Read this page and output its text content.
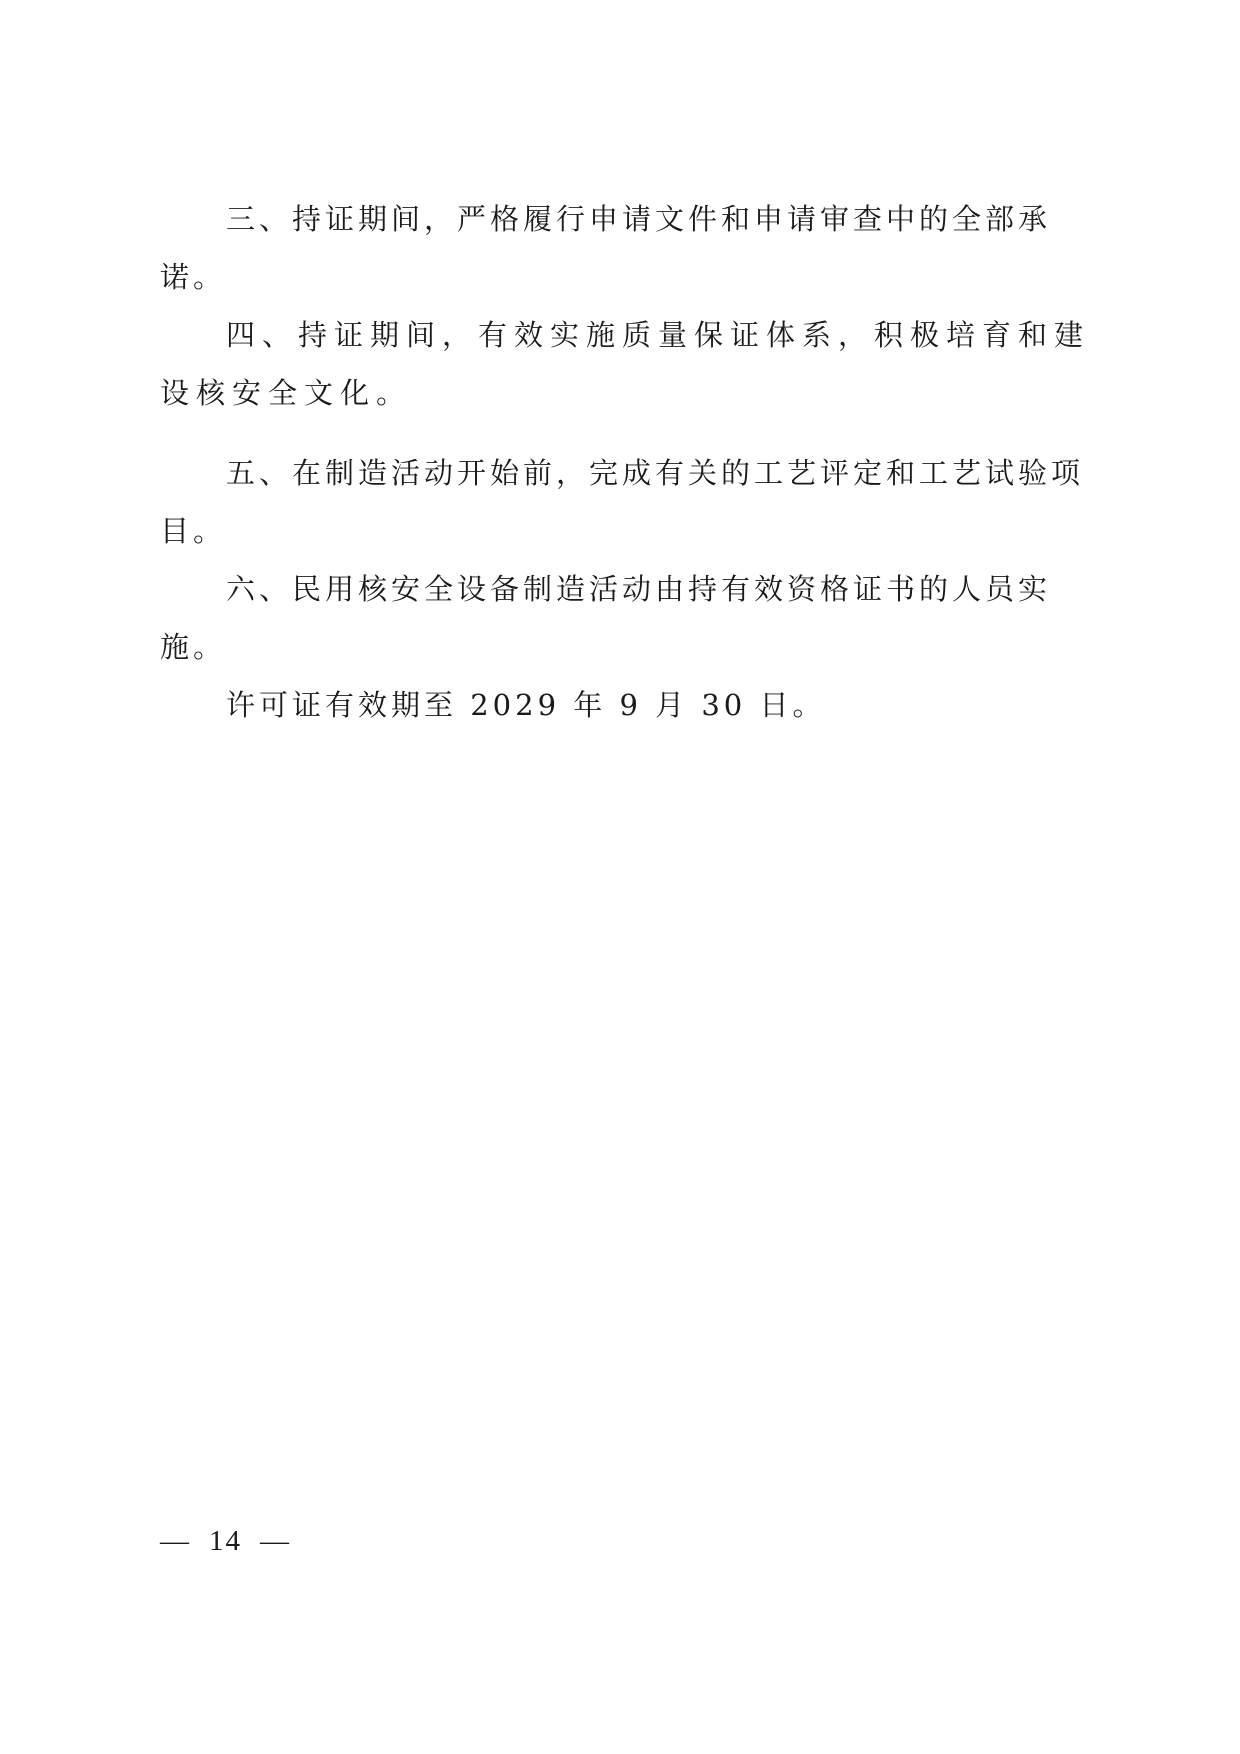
三、持证期间，严格履行申请文件和申请审查中的全部承诺。

四、持证期间，有效实施质量保证体系，积极培育和建设核安全文化。

五、在制造活动开始前，完成有关的工艺评定和工艺试验项目。

六、民用核安全设备制造活动由持有效资格证书的人员实施。

许可证有效期至 2029 年 9 月 30 日。

— 14 —
